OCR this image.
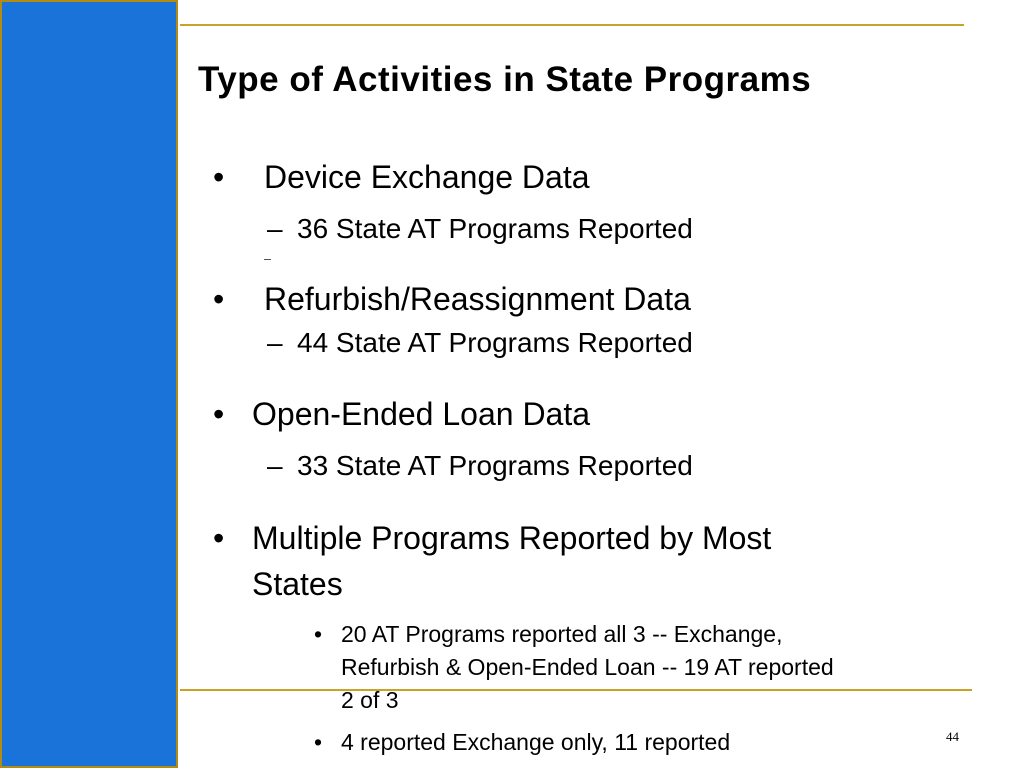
Type of Activities in State Programs
• Device Exchange Data
– 36 State AT Programs Reported
• Refurbish/Reassignment Data
– 44 State AT Programs Reported
• Open-Ended Loan Data
– 33 State AT Programs Reported
• Multiple Programs Reported by Most
States
• 20 AT Programs reported all 3 -- Exchange,
Refurbish & Open-Ended Loan -- 19 AT reported
2 of 3
• 4 reported Exchange only, 11 reported	44
